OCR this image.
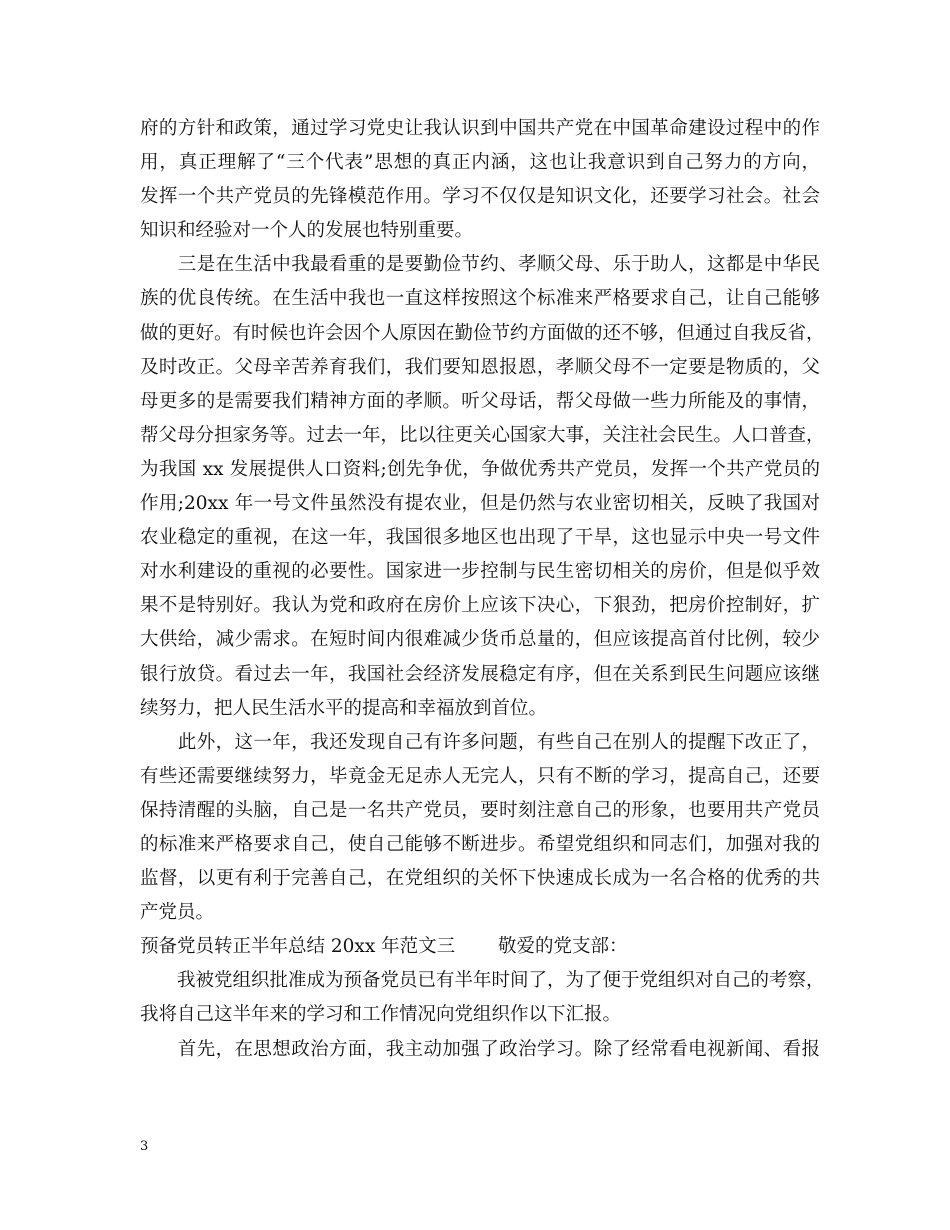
府的方针和政策，通过学习党史让我认识到中国共产党在中国革命建设过程中的作
用，真正理解了“三个代表”思想的真正内涵，这也让我意识到自己努力的方向，
发挥一个共产党员的先锋模范作用。学习不仅仅是知识文化，还要学习社会。社会
知识和经验对一个人的发展也特别重要。
　　三是在生活中我最看重的是要勤俭节约、孝顺父母、乐于助人，这都是中华民
族的优良传统。在生活中我也一直这样按照这个标准来严格要求自己，让自己能够
做的更好。有时候也许会因个人原因在勤俭节约方面做的还不够，但通过自我反省，
及时改正。父母辛苦养育我们，我们要知恩报恩，孝顺父母不一定要是物质的，父
母更多的是需要我们精神方面的孝顺。听父母话，帮父母做一些力所能及的事情，
帮父母分担家务等。过去一年，比以往更关心国家大事，关注社会民生。人口普查，
为我国 xx 发展提供人口资料;创先争优，争做优秀共产党员，发挥一个共产党员的
作用;20xx 年一号文件虽然没有提农业，但是仍然与农业密切相关，反映了我国对
农业稳定的重视，在这一年，我国很多地区也出现了干旱，这也显示中央一号文件
对水利建设的重视的必要性。国家进一步控制与民生密切相关的房价，但是似乎效
果不是特别好。我认为党和政府在房价上应该下决心，下狠劲，把房价控制好，扩
大供给，减少需求。在短时间内很难减少货币总量的，但应该提高首付比例，较少
银行放贷。看过去一年，我国社会经济发展稳定有序，但在关系到民生问题应该继
续努力，把人民生活水平的提高和幸福放到首位。
　　此外，这一年，我还发现自己有许多问题，有些自己在别人的提醒下改正了，
有些还需要继续努力，毕竟金无足赤人无完人，只有不断的学习，提高自己，还要
保持清醒的头脑，自己是一名共产党员，要时刻注意自己的形象，也要用共产党员
的标准来严格要求自己，使自己能够不断进步。希望党组织和同志们，加强对我的
监督，以更有利于完善自己，在党组织的关怀下快速成长成为一名合格的优秀的共
产党员。
预备党员转正半年总结 20xx 年范文三　　 敬爱的党支部：
　　我被党组织批准成为预备党员已有半年时间了，为了便于党组织对自己的考察，
我将自己这半年来的学习和工作情况向党组织作以下汇报。
　　首先，在思想政治方面，我主动加强了政治学习。除了经常看电视新闻、看报
3
